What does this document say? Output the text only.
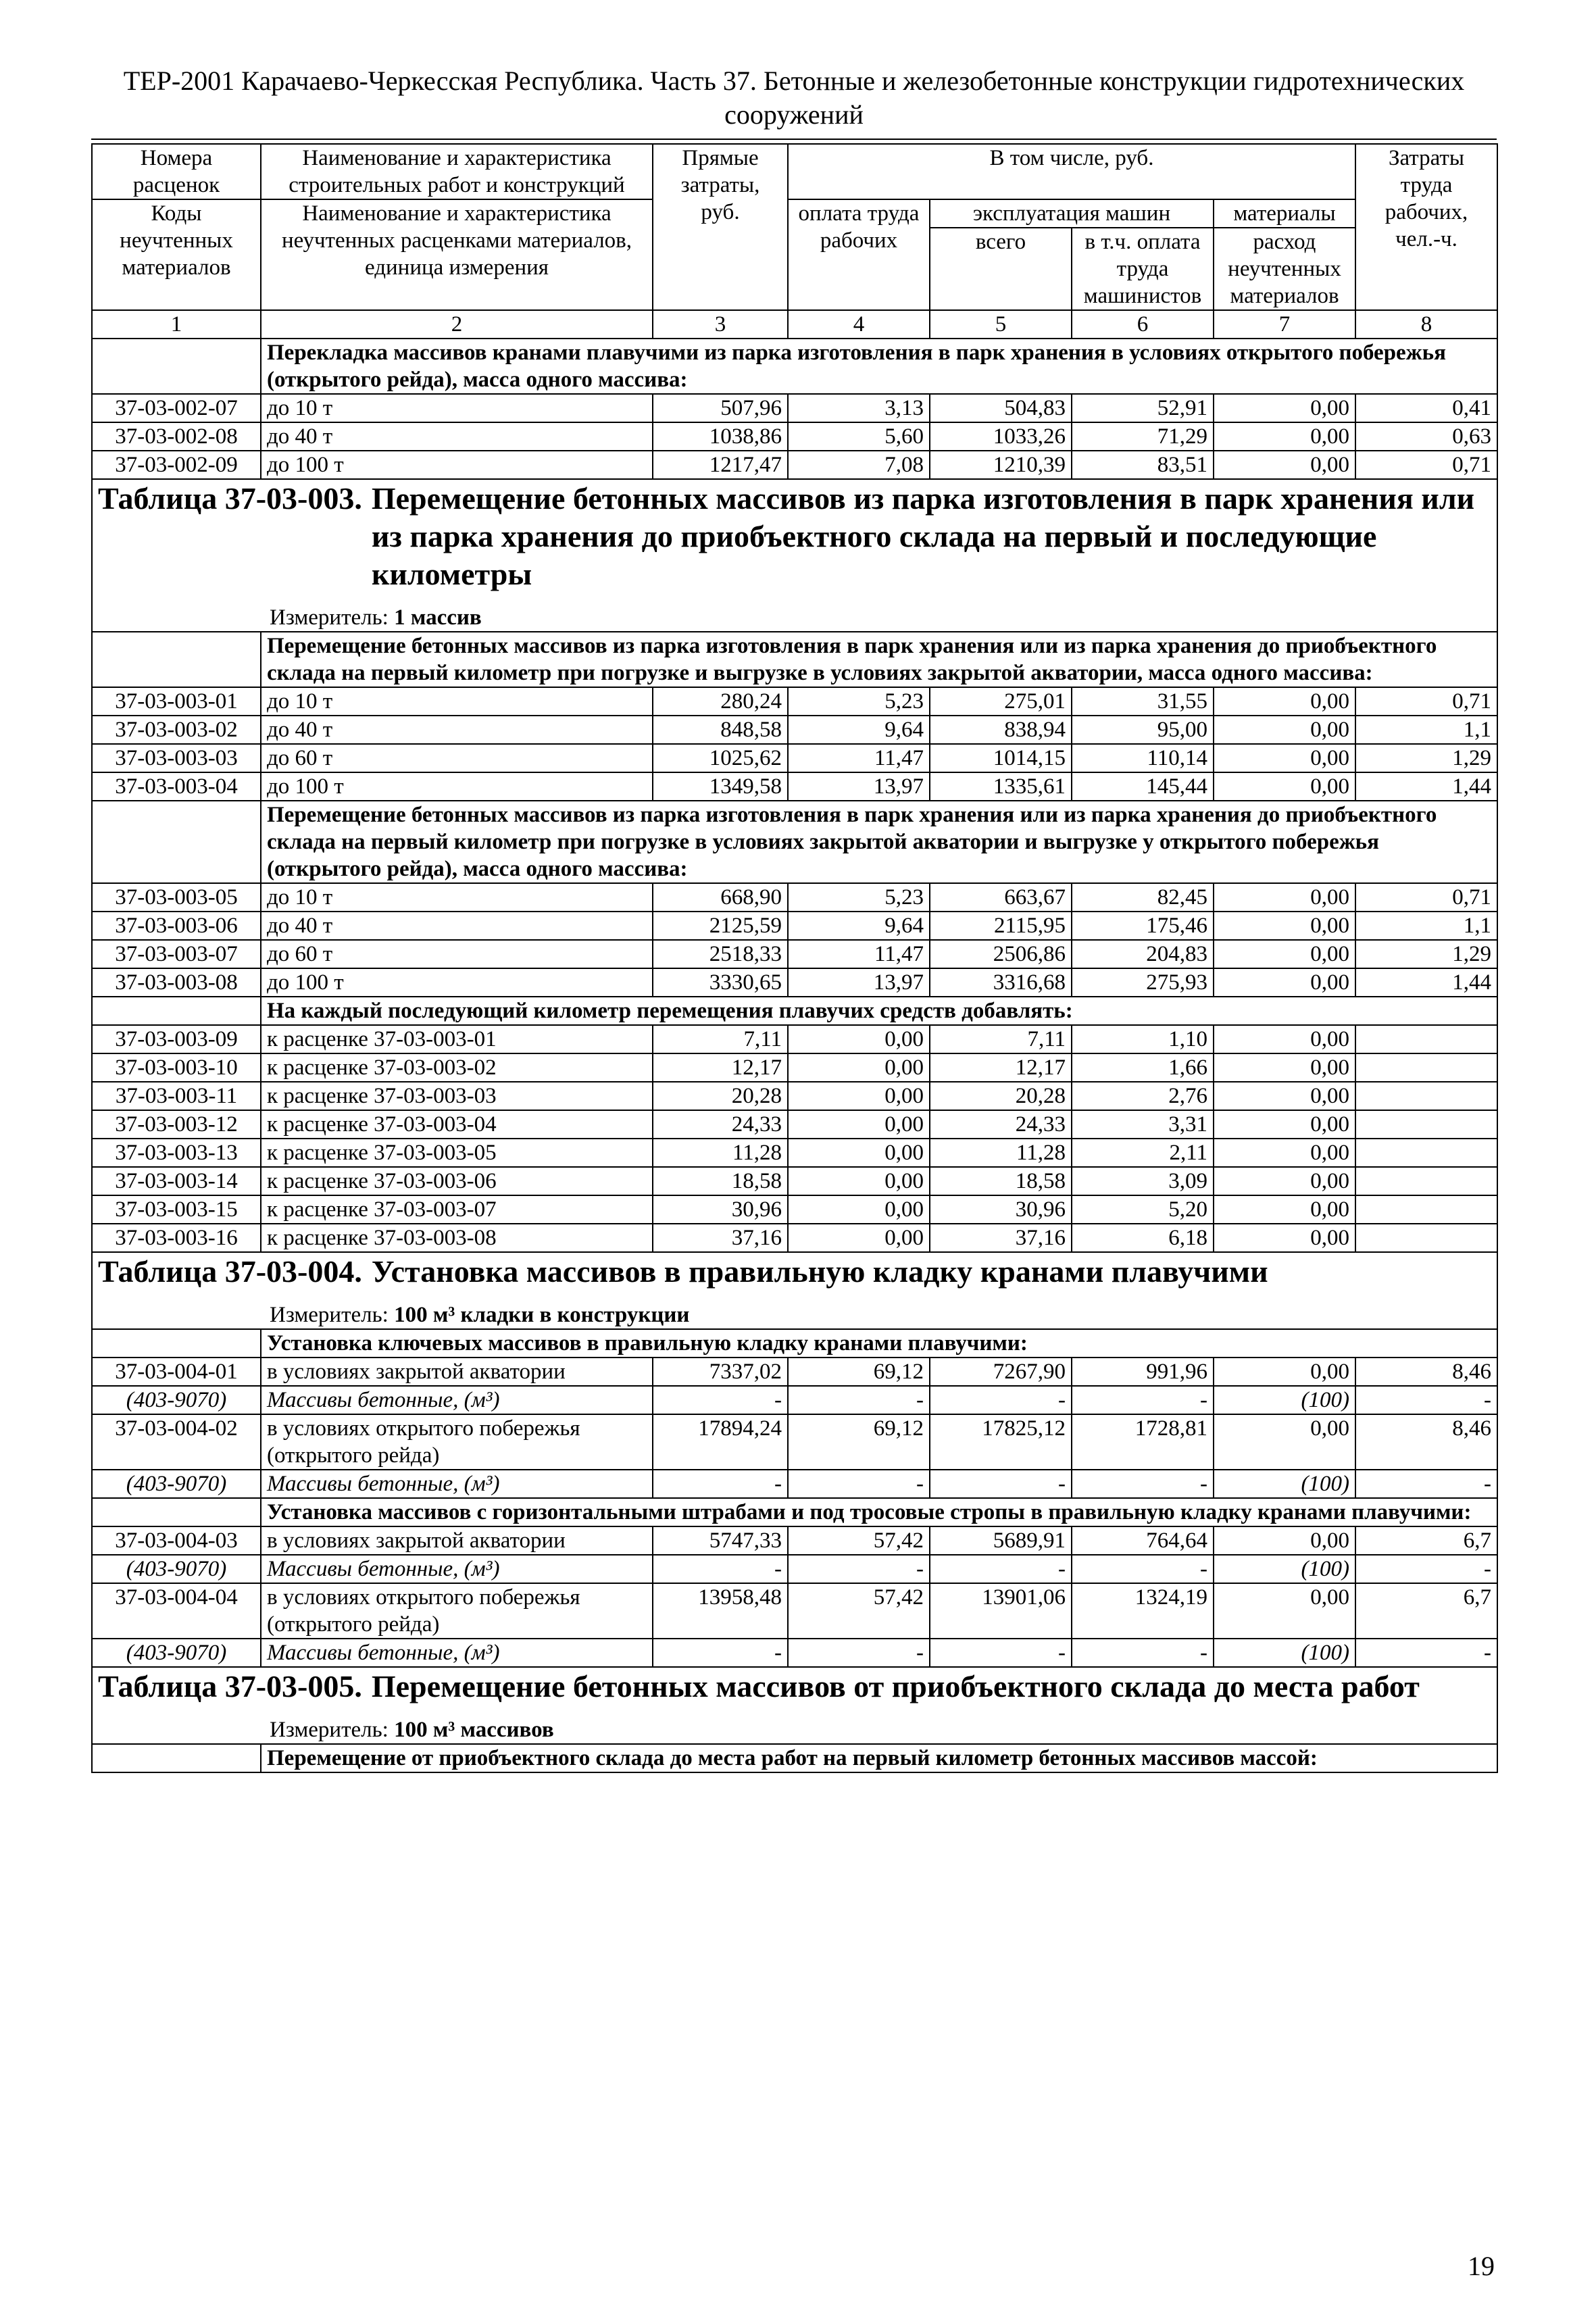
ТЕР-2001 Карачаево-Черкесская Республика. Часть 37. Бетонные и железобетонные конструкции гидротехнических сооружений
Номера расценок	Наименование и характеристика строительных работ и конструкций	Прямые затраты, руб.	В том числе, руб.				Затраты труда рабочих, чел.-ч.
Коды неучтенных материалов	Наименование и характеристика неучтенных расценками материалов, единица измерения		оплата труда рабочих	эксплуатация машин		материалы	
				всего	в т.ч. оплата труда машинистов	расход неучтенных материалов	
1	2	3	4	5	6	7	8
	Перекладка массивов кранами плавучими из парка изготовления в парк хранения в условиях открытого побережья (открытого рейда), масса одного массива:						
37-03-002-07	до 10 т	507,96	3,13	504,83	52,91	0,00	0,41
37-03-002-08	до 40 т	1038,86	5,60	1033,26	71,29	0,00	0,63
37-03-002-09	до 100 т	1217,47	7,08	1210,39	83,51	0,00	0,71

Таблица 37-03-003. Перемещение бетонных массивов из парка изготовления в парк хранения или из парка хранения до приобъектного склада на первый и последующие километры
Измеритель: 1 массив							

	Перемещение бетонных массивов из парка изготовления в парк хранения или из парка хранения до приобъектного склада на первый километр при погрузке и выгрузке в условиях закрытой акватории, масса одного массива:						
37-03-003-01	до 10 т	280,24	5,23	275,01	31,55	0,00	0,71
37-03-003-02	до 40 т	848,58	9,64	838,94	95,00	0,00	1,1
37-03-003-03	до 60 т	1025,62	11,47	1014,15	110,14	0,00	1,29
37-03-003-04	до 100 т	1349,58	13,97	1335,61	145,44	0,00	1,44
	Перемещение бетонных массивов из парка изготовления в парк хранения или из парка хранения до приобъектного склада на первый километр при погрузке в условиях закрытой акватории и выгрузке у открытого побережья (открытого рейда), масса одного массива:						
37-03-003-05	до 10 т	668,90	5,23	663,67	82,45	0,00	0,71
37-03-003-06	до 40 т	2125,59	9,64	2115,95	175,46	0,00	1,1
37-03-003-07	до 60 т	2518,33	11,47	2506,86	204,83	0,00	1,29
37-03-003-08	до 100 т	3330,65	13,97	3316,68	275,93	0,00	1,44
	На каждый последующий километр перемещения плавучих средств добавлять:						
37-03-003-09	к расценке 37-03-003-01	7,11	0,00	7,11	1,10	0,00	
37-03-003-10	к расценке 37-03-003-02	12,17	0,00	12,17	1,66	0,00	
37-03-003-11	к расценке 37-03-003-03	20,28	0,00	20,28	2,76	0,00	
37-03-003-12	к расценке 37-03-003-04	24,33	0,00	24,33	3,31	0,00	
37-03-003-13	к расценке 37-03-003-05	11,28	0,00	11,28	2,11	0,00	
37-03-003-14	к расценке 37-03-003-06	18,58	0,00	18,58	3,09	0,00	
37-03-003-15	к расценке 37-03-003-07	30,96	0,00	30,96	5,20	0,00	
37-03-003-16	к расценке 37-03-003-08	37,16	0,00	37,16	6,18	0,00	

Таблица 37-03-004. Установка массивов в правильную кладку кранами плавучими
Измеритель: 100 м³ кладки в конструкции							

	Установка ключевых массивов в правильную кладку кранами плавучими:						
37-03-004-01	в условиях закрытой акватории	7337,02	69,12	7267,90	991,96	0,00	8,46
(403-9070)	Массивы бетонные, (м³)	-	-	-	-	(100)	-
37-03-004-02	в условиях открытого побережья (открытого рейда)	17894,24	69,12	17825,12	1728,81	0,00	8,46
(403-9070)	Массивы бетонные, (м³)	-	-	-	-	(100)	-
	Установка массивов с горизонтальными штрабами и под тросовые стропы в правильную кладку кранами плавучими:						
37-03-004-03	в условиях закрытой акватории	5747,33	57,42	5689,91	764,64	0,00	6,7
(403-9070)	Массивы бетонные, (м³)	-	-	-	-	(100)	-
37-03-004-04	в условиях открытого побережья (открытого рейда)	13958,48	57,42	13901,06	1324,19	0,00	6,7
(403-9070)	Массивы бетонные, (м³)	-	-	-	-	(100)	-

Таблица 37-03-005. Перемещение бетонных массивов от приобъектного склада до места работ
Измеритель: 100 м³ массивов							

	Перемещение от приобъектного склада до места работ на первый километр бетонных массивов массой:						
19
